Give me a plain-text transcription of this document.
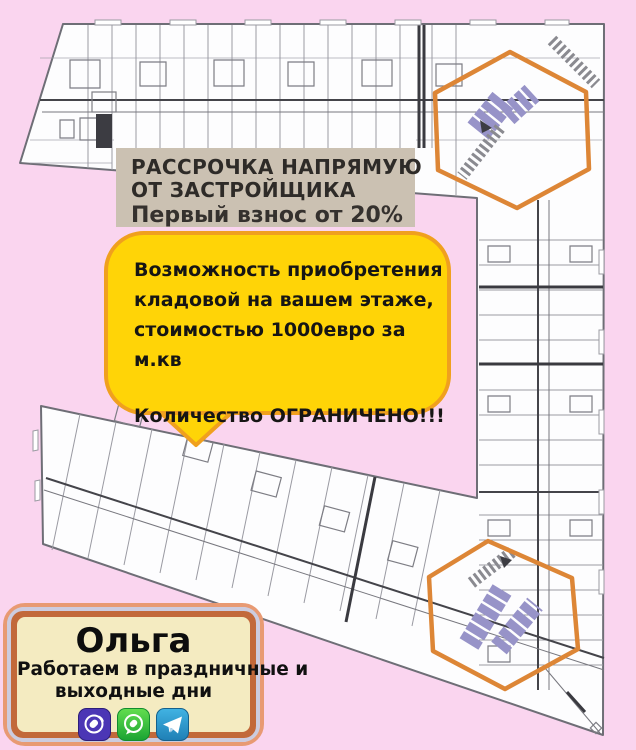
РАССРОЧКА НАПРЯМУЮ
ОТ ЗАСТРОЙЩИКА
Первый взнос от 20%

Возможность приобретения

кладовой на вашем этаже,

стоимостью 1000евро за

м.кв

Количество ОГРАНИЧЕНО!!!

Ольга
Работаем в праздничные и
выходные дни
